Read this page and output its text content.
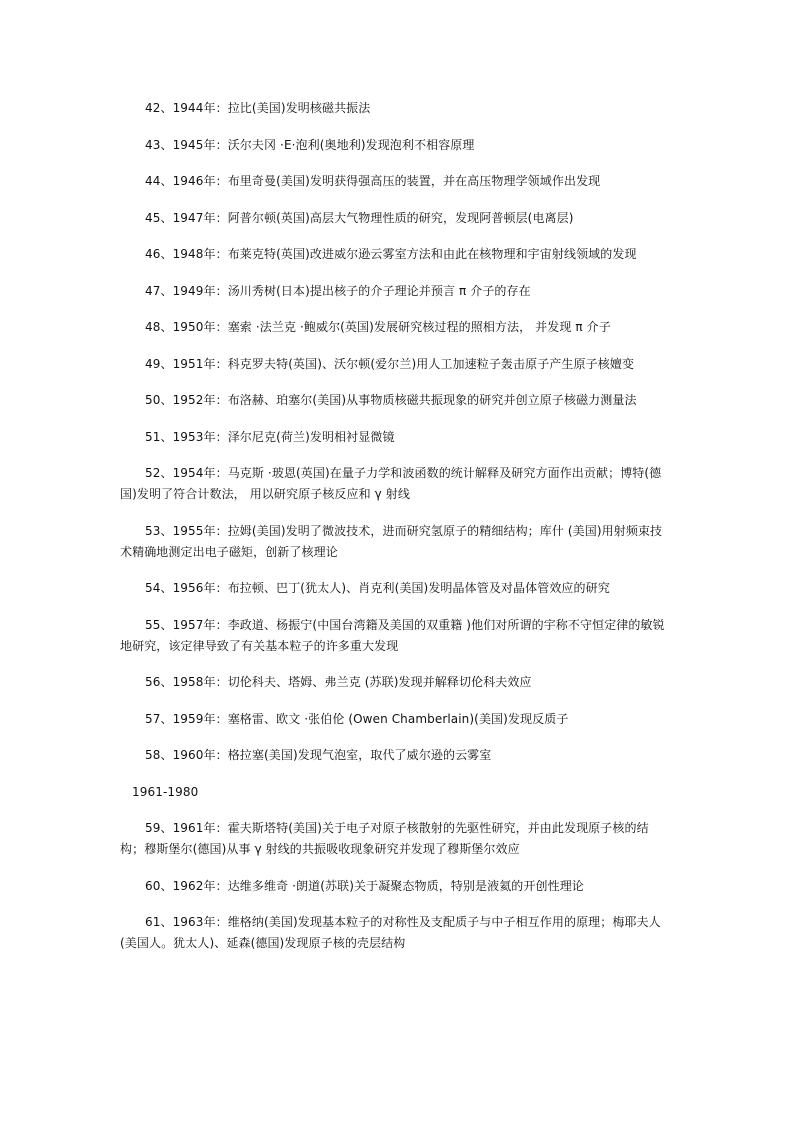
42、1944年：拉比(美国)发明核磁共振法

43、1945年：沃尔夫冈 ·E·泡利(奥地利)发现泡利不相容原理

44、1946年：布里奇曼(美国)发明获得强高压的装置，并在高压物理学领域作出发现

45、1947年：阿普尔顿(英国)高层大气物理性质的研究，发现阿普顿层(电离层)

46、1948年：布莱克特(英国)改进威尔逊云雾室方法和由此在核物理和宇宙射线领域的发现

47、1949年：汤川秀树(日本)提出核子的介子理论并预言 π 介子的存在

48、1950年：塞索 ·法兰克 ·鲍威尔(英国)发展研究核过程的照相方法， 并发现 π 介子

49、1951年：科克罗夫特(英国)、沃尔顿(爱尔兰)用人工加速粒子轰击原子产生原子核嬗变

50、1952年：布洛赫、珀塞尔(美国)从事物质核磁共振现象的研究并创立原子核磁力测量法

51、1953年：泽尔尼克(荷兰)发明相衬显微镜

52、1954年：马克斯 ·玻恩(英国)在量子力学和波函数的统计解释及研究方面作出贡献；博特(德国)发明了符合计数法， 用以研究原子核反应和 γ 射线

53、1955年：拉姆(美国)发明了微波技术，进而研究氢原子的精细结构；库什 (美国)用射频束技术精确地测定出电子磁矩，创新了核理论

54、1956年：布拉顿、巴丁(犹太人)、肖克利(美国)发明晶体管及对晶体管效应的研究

55、1957年：李政道、杨振宁(中国台湾籍及美国的双重籍 )他们对所谓的宇称不守恒定律的敏锐地研究，该定律导致了有关基本粒子的许多重大发现

56、1958年：切伦科夫、塔姆、弗兰克 (苏联)发现并解释切伦科夫效应

57、1959年：塞格雷、欧文 ·张伯伦 (Owen Chamberlain)(美国)发现反质子

58、1960年：格拉塞(美国)发现气泡室，取代了威尔逊的云雾室

1961-1980

59、1961年：霍夫斯塔特(美国)关于电子对原子核散射的先驱性研究，并由此发现原子核的结构；穆斯堡尔(德国)从事 γ 射线的共振吸收现象研究并发现了穆斯堡尔效应

60、1962年：达维多维奇 ·朗道(苏联)关于凝聚态物质，特别是液氦的开创性理论

61、1963年：维格纳(美国)发现基本粒子的对称性及支配质子与中子相互作用的原理；梅耶夫人(美国人。犹太人)、延森(德国)发现原子核的壳层结构
